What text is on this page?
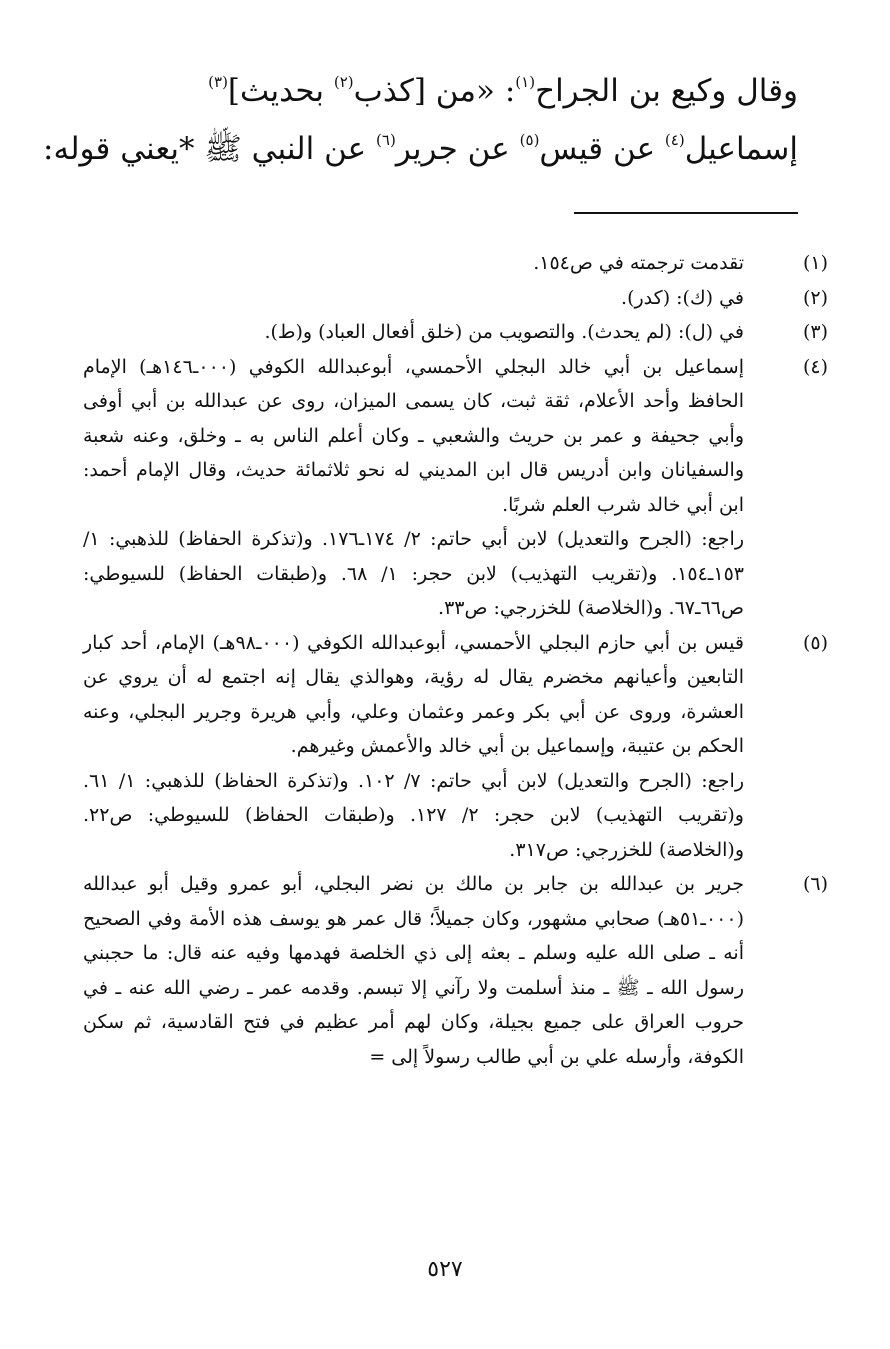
وقال وكيع بن الجراح$^{(١)}$: «من [كذب$^{(٢)}$ بحديث]$^{(٣)}$
إسماعيل$^{(٤)}$ عن قيس$^{(٥)}$ عن جرير$^{(٦)}$ عن النبي ﷺ *يعني قوله:
(١)

تقدمت ترجمته في ص١٥٤.

(٢)

في (ك): (كدر).

(٣)

في (ل): (لم يحدث). والتصويب من (خلق أفعال العباد) و(ط).

(٤)

إسماعيل بن أبي خالد البجلي الأحمسي، أبوعبدالله الكوفي (٠٠٠ـ١٤٦هـ) الإمام الحافظ وأحد الأعلام، ثقة ثبت، كان يسمى الميزان، روى عن عبدالله بن أبي أوفى وأبي جحيفة و عمر بن حريث والشعبي ـ وكان أعلم الناس به ـ وخلق، وعنه شعبة والسفيانان وابن أدريس قال ابن المديني له نحو ثلاثمائة حديث، وقال الإمام أحمد: ابن أبي خالد شرب العلم شربًا.

راجع: (الجرح والتعديل) لابن أبي حاتم: ٢/ ١٧٤ـ١٧٦. و(تذكرة الحفاظ) للذهبي: ١/ ١٥٣ـ١٥٤. و(تقريب التهذيب) لابن حجر: ١/ ٦٨. و(طبقات الحفاظ) للسيوطي: ص٦٦ـ٦٧. و(الخلاصة) للخزرجي: ص٣٣.

(٥)

قيس بن أبي حازم البجلي الأحمسي، أبوعبدالله الكوفي (٠٠٠ـ٩٨هـ) الإمام، أحد كبار التابعين وأعيانهم مخضرم يقال له رؤية، وهوالذي يقال إنه اجتمع له أن يروي عن العشرة، وروى عن أبي بكر وعمر وعثمان وعلي، وأبي هريرة وجرير البجلي، وعنه الحكم بن عتيبة، وإسماعيل بن أبي خالد والأعمش وغيرهم.

راجع: (الجرح والتعديل) لابن أبي حاتم: ٧/ ١٠٢. و(تذكرة الحفاظ) للذهبي: ١/ ٦١. و(تقريب التهذيب) لابن حجر: ٢/ ١٢٧. و(طبقات الحفاظ) للسيوطي: ص٢٢. و(الخلاصة) للخزرجي: ص٣١٧.

(٦)

جرير بن عبدالله بن جابر بن مالك بن نضر البجلي، أبو عمرو وقيل أبو عبدالله (٠٠٠ـ٥١هـ) صحابي مشهور، وكان جميلاً؛ قال عمر هو يوسف هذه الأمة وفي الصحيح أنه ـ صلى الله عليه وسلم ـ بعثه إلى ذي الخلصة فهدمها وفيه عنه قال: ما حجبني رسول الله ـ ﷺ ـ منذ أسلمت ولا رآني إلا تبسم. وقدمه عمر ـ رضي الله عنه ـ في حروب العراق على جميع بجيلة، وكان لهم أمر عظيم في فتح القادسية، ثم سكن الكوفة، وأرسله علي بن أبي طالب رسولاً إلى =

٥٢٧
